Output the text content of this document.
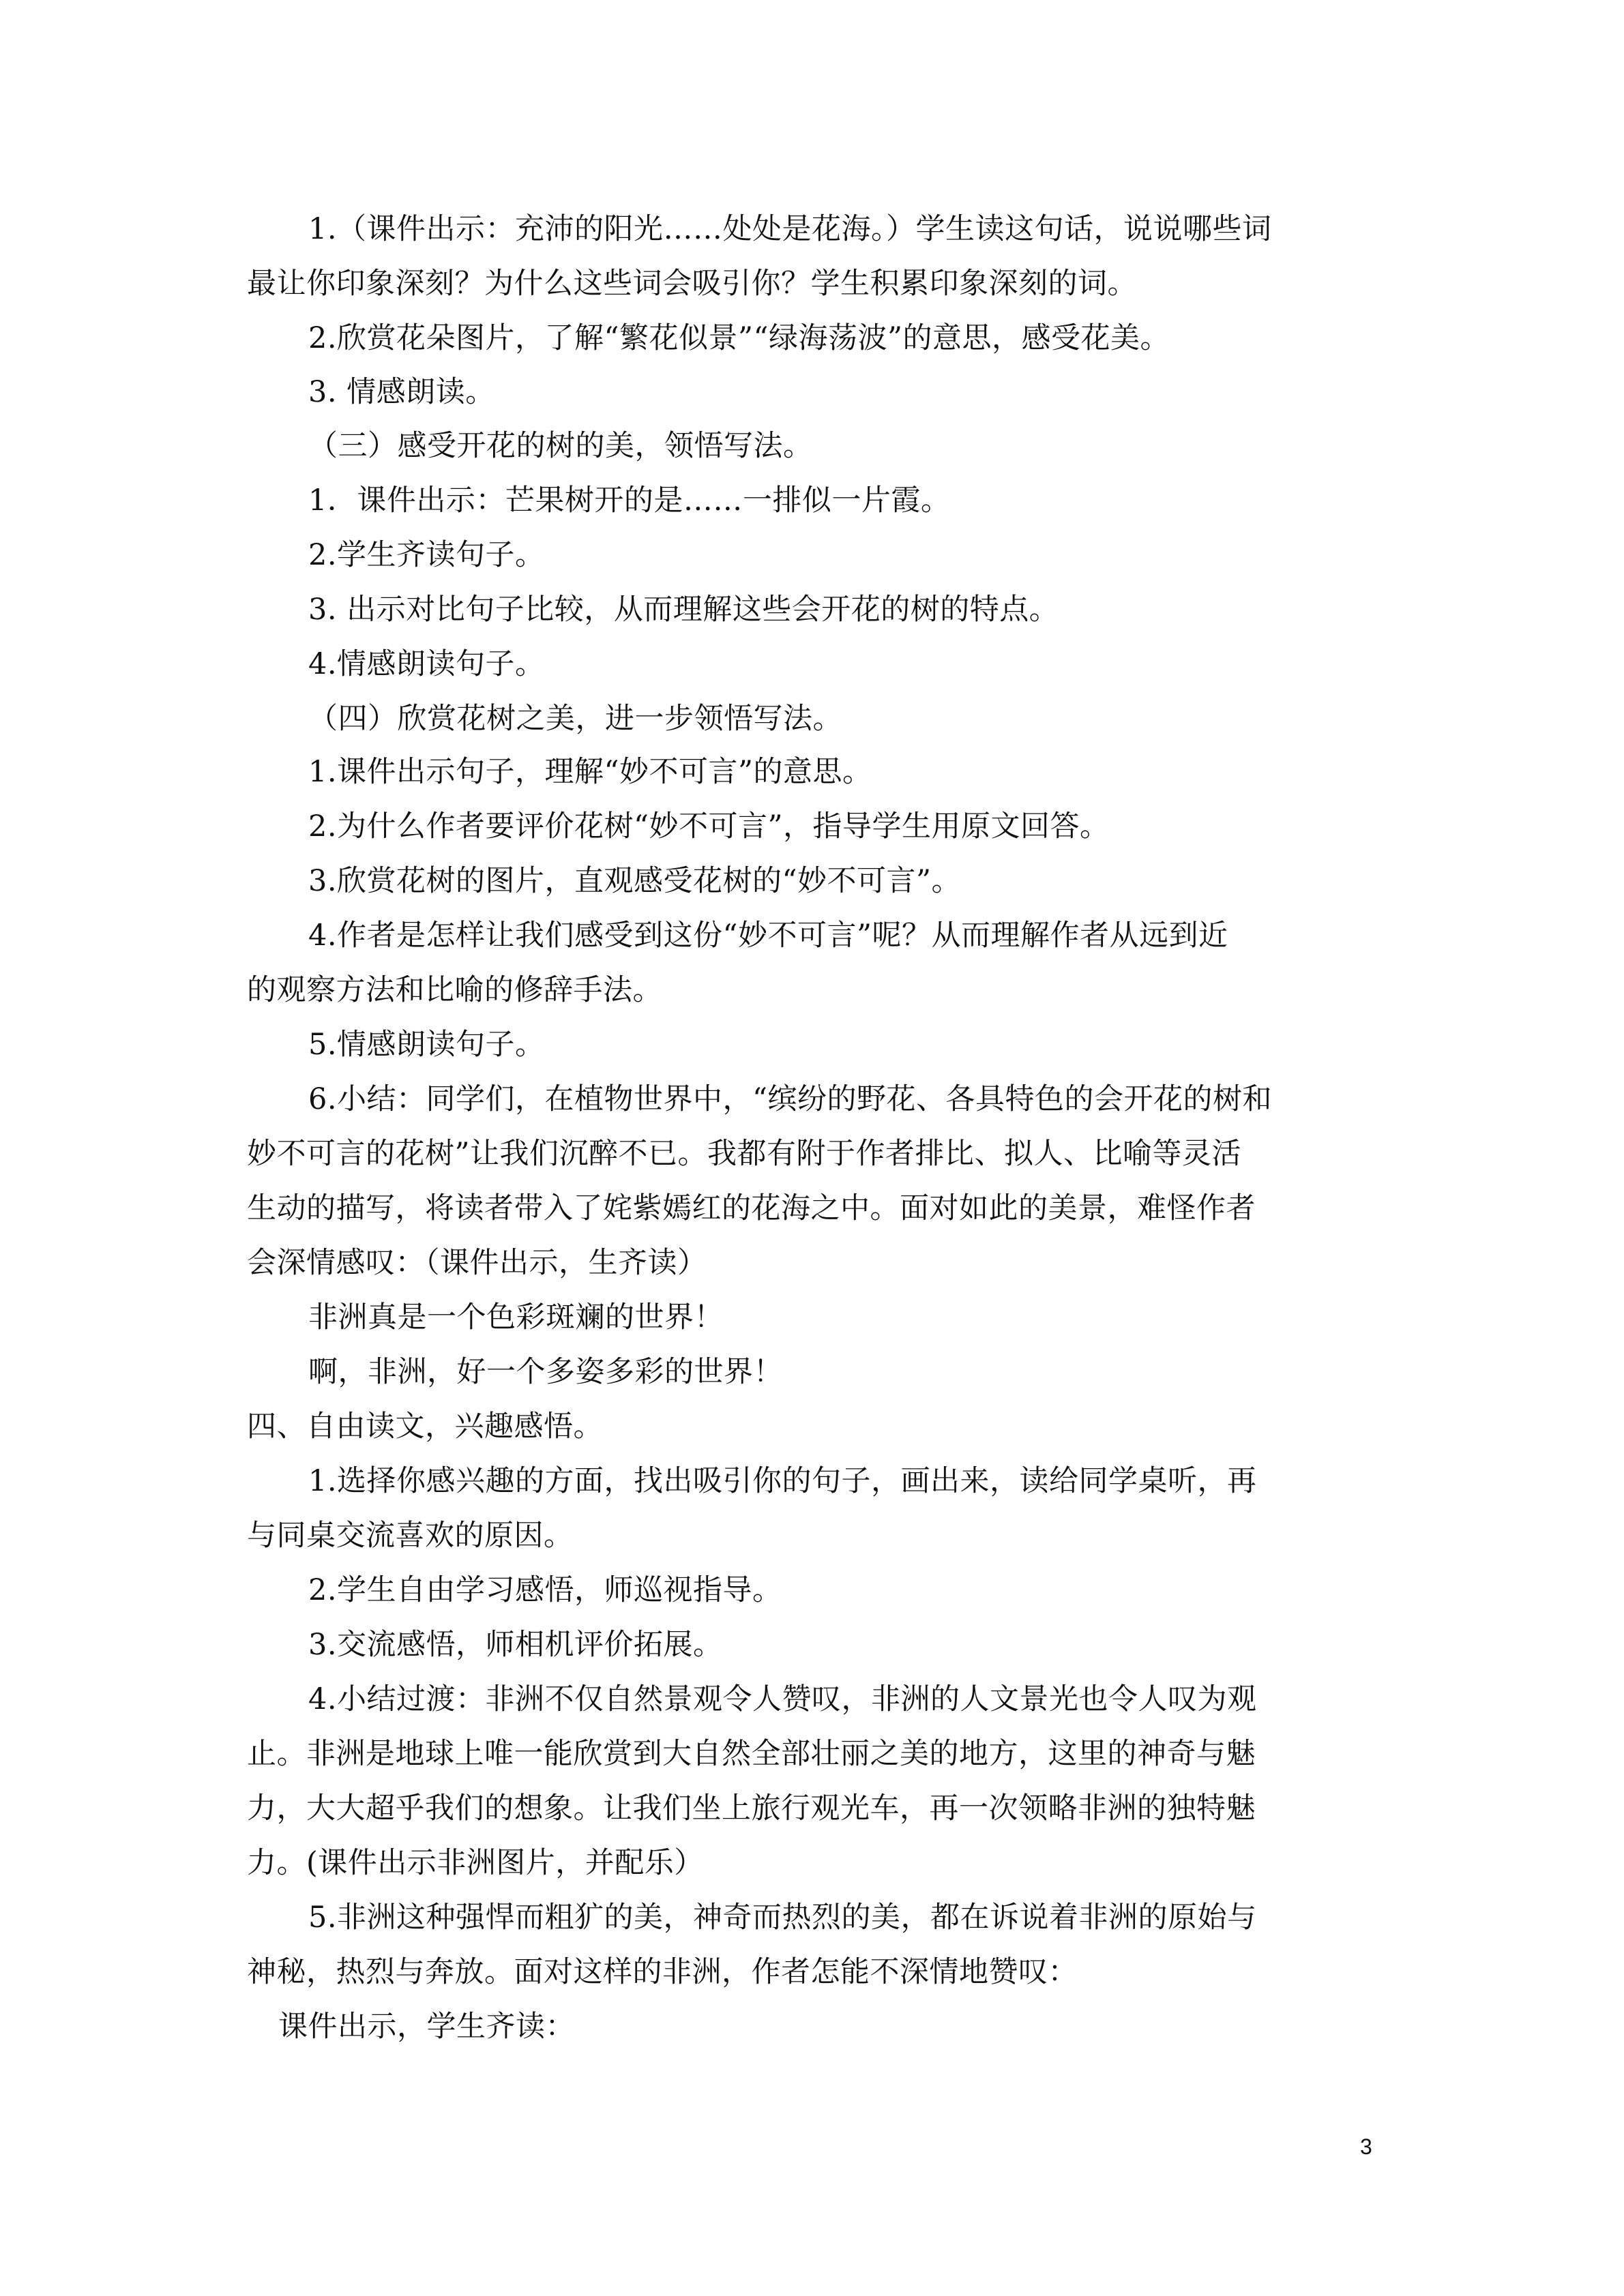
1.（课件出示：充沛的阳光……处处是花海。）学生读这句话，说说哪些词
最让你印象深刻？为什么这些词会吸引你？学生积累印象深刻的词。
2.欣赏花朵图片，了解“繁花似景”“绿海荡波”的意思，感受花美。
3. 情感朗读。
（三）感受开花的树的美，领悟写法。
1．课件出示：芒果树开的是……一排似一片霞。
2.学生齐读句子。
3. 出示对比句子比较，从而理解这些会开花的树的特点。
4.情感朗读句子。
（四）欣赏花树之美，进一步领悟写法。
1.课件出示句子，理解“妙不可言”的意思。
2.为什么作者要评价花树“妙不可言”，指导学生用原文回答。
3.欣赏花树的图片，直观感受花树的“妙不可言”。
4.作者是怎样让我们感受到这份“妙不可言”呢？从而理解作者从远到近
的观察方法和比喻的修辞手法。
5.情感朗读句子。
6.小结：同学们，在植物世界中，“缤纷的野花、各具特色的会开花的树和
妙不可言的花树”让我们沉醉不已。我都有附于作者排比、拟人、比喻等灵活
生动的描写，将读者带入了姹紫嫣红的花海之中。面对如此的美景，难怪作者
会深情感叹：（课件出示，生齐读）
非洲真是一个色彩斑斓的世界！
啊，非洲，好一个多姿多彩的世界！
四、自由读文，兴趣感悟。
1.选择你感兴趣的方面，找出吸引你的句子，画出来，读给同学桌听，再
与同桌交流喜欢的原因。
2.学生自由学习感悟，师巡视指导。
3.交流感悟，师相机评价拓展。
4.小结过渡：非洲不仅自然景观令人赞叹，非洲的人文景光也令人叹为观
止。非洲是地球上唯一能欣赏到大自然全部壮丽之美的地方，这里的神奇与魅
力，大大超乎我们的想象。让我们坐上旅行观光车，再一次领略非洲的独特魅
力。(课件出示非洲图片，并配乐）
5.非洲这种强悍而粗犷的美，神奇而热烈的美，都在诉说着非洲的原始与
神秘，热烈与奔放。面对这样的非洲，作者怎能不深情地赞叹：
课件出示，学生齐读：
3
